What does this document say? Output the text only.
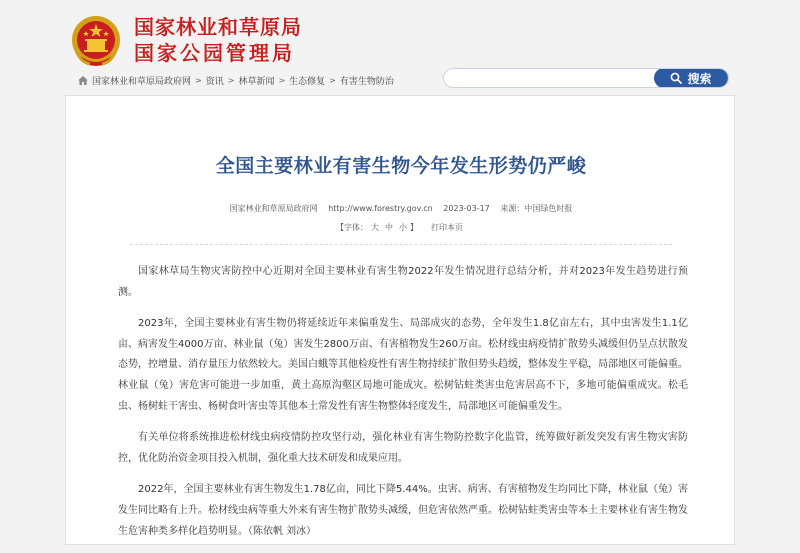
国家林业和草原局
国家公园管理局
国家林业和草原局政府网 > 资讯 > 林草新闻 > 生态修复 > 有害生物防治	搜索
全国主要林业有害生物今年发生形势仍严峻
国家林业和草原局政府网 http://www.forestry.gov.cn 2023-03-17 来源：中国绿色时报
【字体： 大 中 小 】 打印本页

国家林草局生物灾害防控中心近期对全国主要林业有害生物2022年发生情况进行总结分析，并对2023年发生趋势进行预测。

2023年，全国主要林业有害生物仍将延续近年来偏重发生、局部成灾的态势，全年发生1.8亿亩左右，其中虫害发生1.1亿亩、病害发生4000万亩、林业鼠（兔）害发生2800万亩、有害植物发生260万亩。松材线虫病疫情扩散势头减缓但仍呈点状散发态势，控增量、消存量压力依然较大。美国白蛾等其他检疫性有害生物持续扩散但势头趋缓，整体发生平稳，局部地区可能偏重。林业鼠（兔）害危害可能进一步加重，黄土高原沟壑区局地可能成灾。松树钻蛀类害虫危害居高不下，多地可能偏重成灾。松毛虫、杨树蛀干害虫、杨树食叶害虫等其他本土常发性有害生物整体轻度发生，局部地区可能偏重发生。

有关单位将系统推进松材线虫病疫情防控攻坚行动，强化林业有害生物防控数字化监管，统筹做好新发突发有害生物灾害防控，优化防治资金项目投入机制，强化重大技术研发和成果应用。

2022年，全国主要林业有害生物发生1.78亿亩，同比下降5.44%。虫害、病害、有害植物发生均同比下降，林业鼠（兔）害发生同比略有上升。松材线虫病等重大外来有害生物扩散势头减缓，但危害依然严重。松树钻蛀类害虫等本土主要林业有害生物发生危害种类多样化趋势明显。（陈依帆 刘冰）
